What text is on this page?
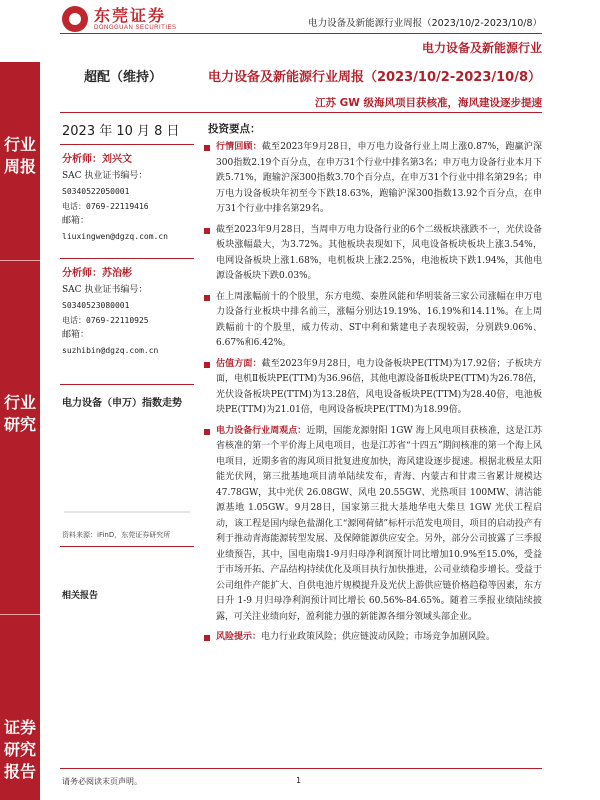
东莞证券
DONGGUAN SECURITIES	电力设备及新能源行业周报（2023/10/2-2023/10/8）
电力设备及新能源行业
行业周报
行业研究
证券研究报告
超配（维持）	电力设备及新能源行业周报（2023/10/2-2023/10/8）
江苏 GW 级海风项目获核准，海风建设逐步提速
2023 年 10 月 8 日
分析师：刘兴文
SAC 执业证书编号：
S0340522050001
电话：0769-22119416
邮箱：
liuxingwen@dgzq.com.cn
分析师：苏治彬
SAC 执业证书编号：
S0340523080001
电话：0769-22110925
邮箱：
suzhibin@dgzq.com.cn
电力设备（申万）指数走势
资料来源：iFinD，东莞证券研究所
相关报告
投资要点：
行情回顾：截至2023年9月28日，申万电力设备行业上周上涨0.87%，跑赢沪深300指数2.19个百分点，在申万31个行业中排名第3名；申万电力设备行业本月下跌5.71%，跑输沪深300指数3.70个百分点，在申万31个行业中排名第29名；申万电力设备板块年初至今下跌18.63%，跑输沪深300指数13.92个百分点，在申万31个行业中排名第29名。
截至2023年9月28日，当周申万电力设备行业的6个二级板块涨跌不一，光伏设备板块涨幅最大，为3.72%。其他板块表现如下，风电设备板块板块上涨3.54%，电网设备板块上涨1.68%，电机板块上涨2.25%，电池板块下跌1.94%，其他电源设备板块下跌0.03%。
在上周涨幅前十的个股里，东方电缆、泰胜风能和华明装备三家公司涨幅在申万电力设备行业板块中排名前三，涨幅分别达19.19%、16.19%和14.11%。在上周跌幅前十的个股里，威力传动、ST中利和紫建电子表现较弱，分别跌9.06%、6.67%和6.42%。
估值方面：截至2023年9月28日，电力设备板块PE(TTM)为17.92倍；子板块方面，电机Ⅱ板块PE(TTM)为36.96倍，其他电源设备Ⅱ板块PE(TTM)为26.78倍，光伏设备板块PE(TTM)为13.28倍，风电设备板块PE(TTM)为28.40倍，电池板块PE(TTM)为21.01倍，电网设备板块PE(TTM)为18.99倍。
电力设备行业周观点：近期，国能龙源射阳 1GW 海上风电项目获核准，这是江苏省核准的第一个平价海上风电项目，也是江苏省“十四五”期间核准的第一个海上风电项目，近期多省的海风项目批复进度加快，海风建设逐步提速。根据北极星太阳能光伏网，第三批基地项目清单陆续发布，青海、内蒙古和甘肃三省累计规模达 47.78GW，其中光伏 26.08GW、风电 20.55GW、光热项目 100MW、清洁能源基地 1.05GW。9月28日，国家第三批大基地华电大柴旦 1GW 光伏工程启动，该工程是国内绿色盐湖化工“源网荷储”标杆示范发电项目，项目的启动投产有利于推动青海能源转型发展、及保障能源供应安全。另外，部分公司披露了三季报业绩预告，其中，国电南瑞1-9月归母净利润预计同比增加10.9%至15.0%，受益于市场开拓、产品结构持续优化及项目执行加快推进，公司业绩稳步增长。受益于公司组件产能扩大、自供电池片规模提升及光伏上游供应链价格趋稳等因素，东方日升 1-9 月归母净利润预计同比增长 60.56%-84.65%。随着三季报业绩陆续披露，可关注业绩向好，盈利能力强的新能源各细分领域头部企业。
风险提示：电力行业政策风险；供应链波动风险；市场竞争加剧风险。
请务必阅读末页声明。	1
